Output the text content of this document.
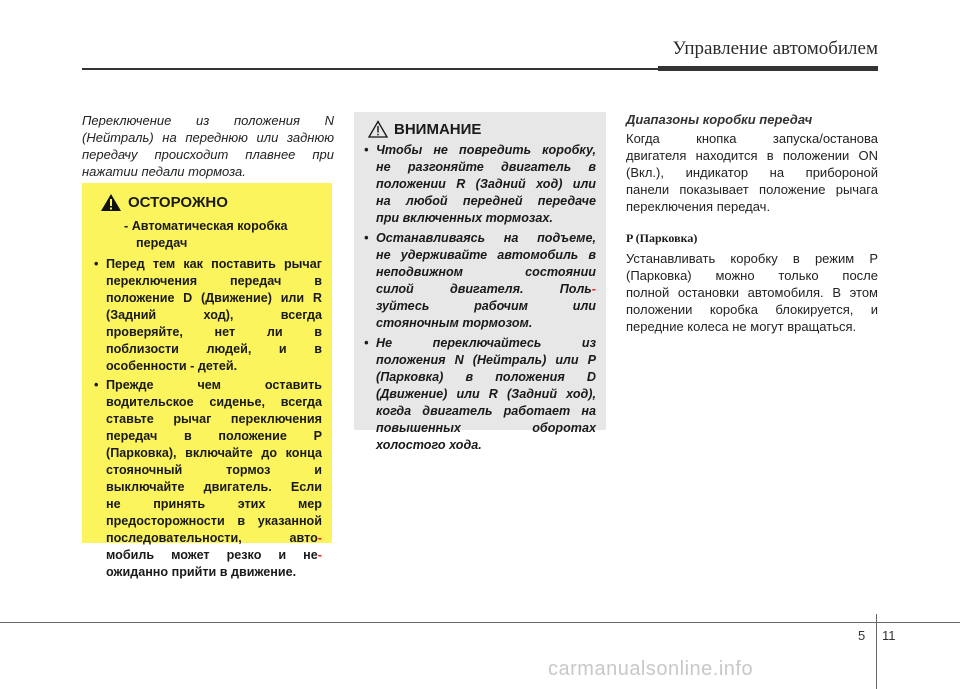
Управление автомобилем
Переключение из положения N
(Нейтраль) на переднюю или заднюю
передачу происходит плавнее при
нажатии педали тормоза.
ОСТОРОЖНО
- Автоматическая коробка
передач
• Перед тем как поставить рычаг
переключения передач в
положение D (Движение) или R
(Задний ход), всегда
проверяйте, нет ли в
поблизости людей, и в
особенности - детей.
• Прежде чем оставить
водительское сиденье, всегда
ставьте рычаг переключения
передач в положение P
(Парковка), включайте до конца
стояночный тормоз и
выключайте двигатель. Если
не принять этих мер
предосторожности в указанной
последовательности, авто-
мобиль может резко и не-
ожиданно прийти в движение.
ВНИМАНИЕ
• Чтобы не повредить коробку,
не разгоняйте двигатель в
положении R (Задний ход) или
на любой передней передаче
при включенных тормозах.
• Останавливаясь на подъеме,
не удерживайте автомобиль в
неподвижном состоянии
силой двигателя. Поль-
зуйтесь рабочим или
стояночным тормозом.
• Не переключайтесь из
положения N (Нейтраль) или P
(Парковка) в положения D
(Движение) или R (Задний ход),
когда двигатель работает на
повышенных оборотах
холостого хода.
Диапазоны коробки передач
Когда кнопка запуска/останова
двигателя находится в положении ON
(Вкл.), индикатор на приборoной
панели показывает положение рычага
переключения передач.
P (Парковка)
Устанавливать коробку в режим P
(Парковка) можно только после
полной остановки автомобиля. В этом
положении коробка блокируется, и
передние колеса не могут вращаться.
5 11
carmanualsonline.info
